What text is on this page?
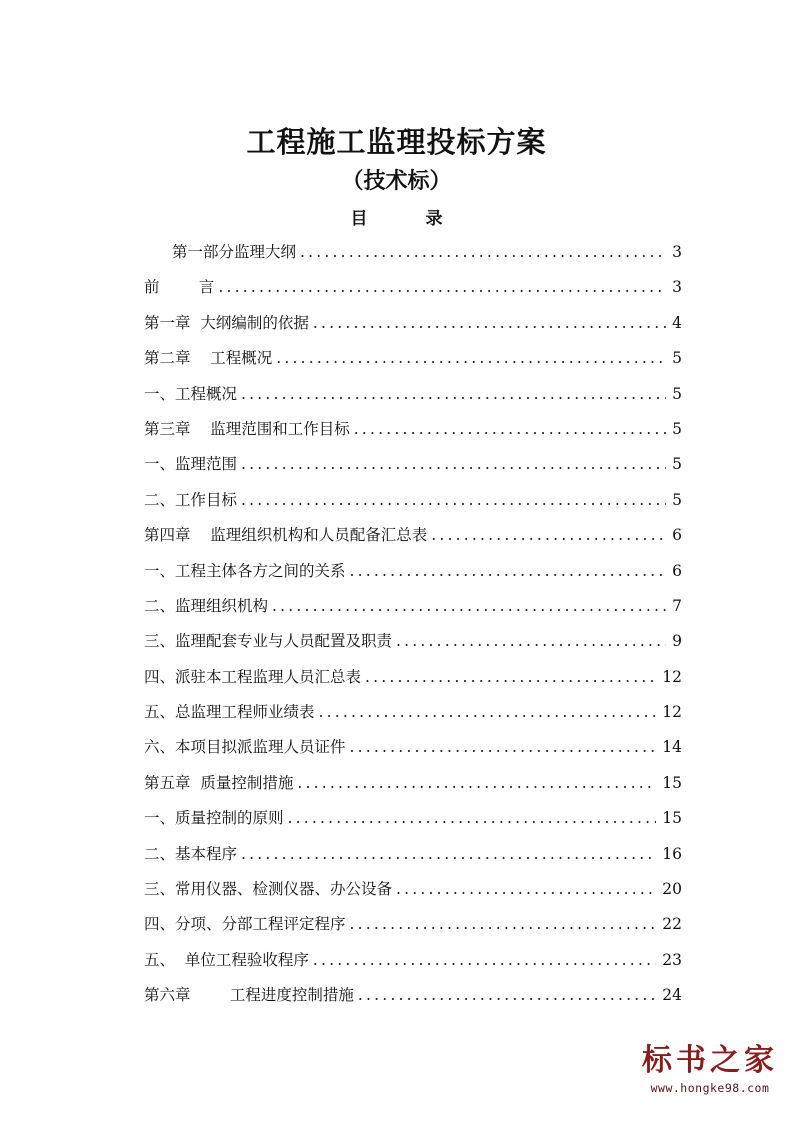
工程施工监理投标方案
（技术标）
目	录
第一部分监理大纲 .....	3
前        言 .....	3
第一章  大纲编制的依据 .....	4
第二章    工程概况 .....	5
一、工程概况 .....	5
第三章    监理范围和工作目标 .....	5
一、监理范围 .....	5
二、工作目标 .....	5
第四章    监理组织机构和人员配备汇总表 .....	6
一、工程主体各方之间的关系 .....	6
二、监理组织机构 .....	7
三、监理配套专业与人员配置及职责 .....	9
四、派驻本工程监理人员汇总表 .....	12
五、总监理工程师业绩表 .....	12
六、本项目拟派监理人员证件 .....	14
第五章  质量控制措施 .....	15
一、质量控制的原则 .....	15
二、基本程序 .....	16
三、常用仪器、检测仪器、办公设备 .....	20
四、分项、分部工程评定程序 .....	22
五、  单位工程验收程序 .....	23
第六章        工程进度控制措施 .....	24
标书之家
www.hongke98.com
